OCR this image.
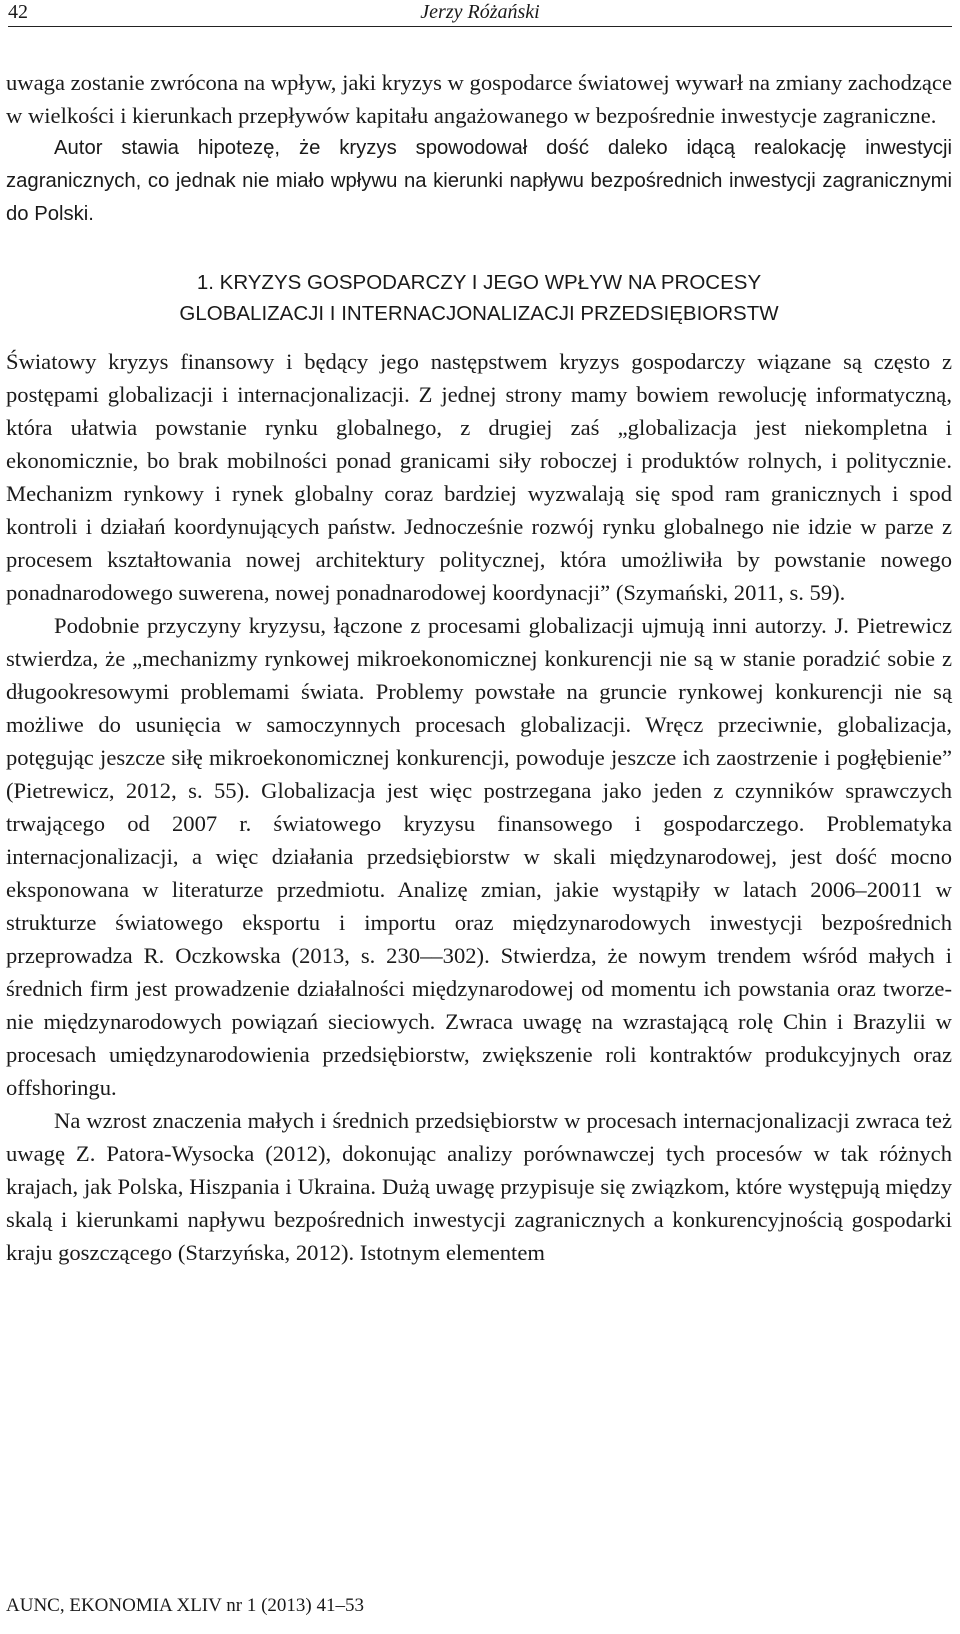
42	Jerzy Różański

uwaga zostanie zwrócona na wpływ, jaki kryzys w gospodarce światowej wywarł na zmiany zachodzące w wielkości i kierunkach przepływów kapitału angażowanego w bezpośrednie inwestycje zagraniczne.

Autor stawia hipotezę, że kryzys spowodował dość daleko idącą realokację inwestycji zagranicznych, co jednak nie miało wpływu na kierunki napływu bezpośrednich inwestycji zagranicznymi do Polski.

1. KRYZYS GOSPODARCZY I JEGO WPŁYW NA PROCESY
GLOBALIZACJI I INTERNACJONALIZACJI PRZEDSIĘBIORSTW

Światowy kryzys finansowy i będący jego następstwem kryzys gospodarczy wiązane są często z postępami globalizacji i internacjonalizacji. Z jednej strony mamy bowiem rewolucję informatyczną, która ułatwia powstanie rynku globalnego, z drugiej zaś „globalizacja jest niekompletna i ekonomicznie, bo brak mobilności ponad granicami siły roboczej i produktów rolnych, i politycznie. Mechanizm rynkowy i rynek globalny coraz bardziej wyzwalają się spod ram granicznych i spod kontroli i działań koordynujących państw. Jednocześnie rozwój rynku globalnego nie idzie w parze z procesem kształtowania nowej architektury politycznej, która umożliwiła by powstanie nowego ponadnarodowego suwerena, nowej ponadnarodowej koordynacji” (Szymański, 2011, s. 59).

Podobnie przyczyny kryzysu, łączone z procesami globalizacji ujmują inni autorzy. J. Pietrewicz stwierdza, że „mechanizmy rynkowej mikroekonomicznej konkurencji nie są w stanie poradzić sobie z długookresowymi problemami świata. Problemy powstałe na gruncie rynkowej konkurencji nie są możliwe do usunięcia w samoczynnych procesach globalizacji. Wręcz przeciwnie, globalizacja, potęgując jeszcze siłę mikroekonomicznej konkurencji, powoduje jeszcze ich zaostrzenie i pogłębienie” (Pietrewicz, 2012, s. 55). Globalizacja jest więc postrzegana jako jeden z czynników sprawczych trwającego od 2007 r. światowego kryzysu finansowego i gospodarczego. Problematyka internacjonalizacji, a więc działania przedsiębiorstw w skali międzynarodowej, jest dość mocno eksponowana w literaturze przedmiotu. Analizę zmian, jakie wystąpiły w latach 2006–20011 w strukturze światowego eksportu i importu oraz międzynarodowych inwestycji bezpośrednich przeprowadza R. Oczkowska (2013, s. 230––302). Stwierdza, że nowym trendem wśród małych i średnich firm jest prowadzenie działalności międzynarodowej od momentu ich powstania oraz tworzenie międzynarodowych powiązań sieciowych. Zwraca uwagę na wzrastającą rolę Chin i Brazylii w procesach umiędzynarodowienia przedsiębiorstw, zwiększenie roli kontraktów produkcyjnych oraz offshoringu.

Na wzrost znaczenia małych i średnich przedsiębiorstw w procesach internacjonalizacji zwraca też uwagę Z. Patora-Wysocka (2012), dokonując analizy porównawczej tych procesów w tak różnych krajach, jak Polska, Hiszpania i Ukraina. Dużą uwagę przypisuje się związkom, które występują między skalą i kierunkami napływu bezpośrednich inwestycji zagranicznych a konkurencyjnością gospodarki kraju goszczącego (Starzyńska, 2012). Istotnym elementem

AUNC, EKONOMIA XLIV nr 1 (2013) 41–53
